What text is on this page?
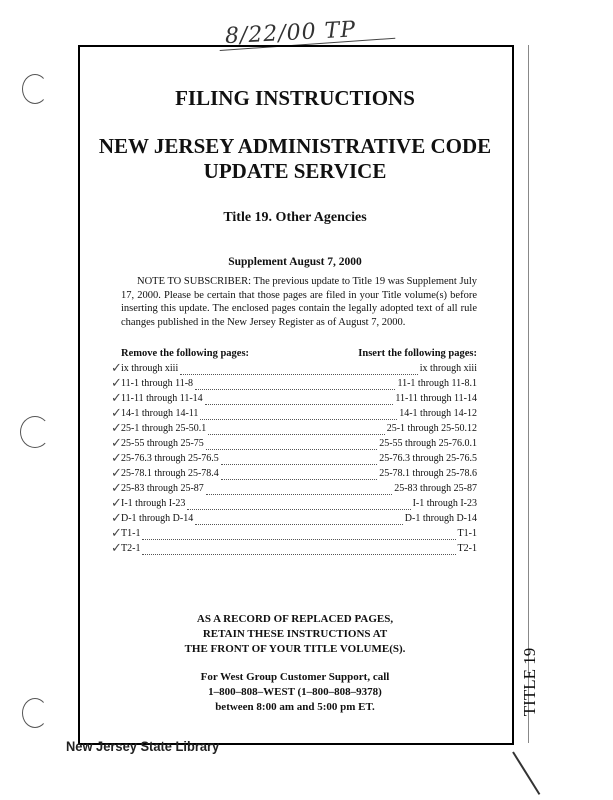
8/22/00 TP
TITLE 19
FILING INSTRUCTIONS
NEW JERSEY ADMINISTRATIVE CODE
UPDATE SERVICE
Title 19. Other Agencies
Supplement August 7, 2000

NOTE TO SUBSCRIBER: The previous update to Title 19 was Supplement July 17, 2000. Please be certain that those pages are filed in your Title volume(s) before inserting this update. The enclosed pages contain the legally adopted text of all rule changes published in the New Jersey Register as of August 7, 2000.

Remove the following pages:	Insert the following pages:
✓ ix through xiii	ix through xiii
✓ 11-1 through 11-8	11-1 through 11-8.1
✓ 11-11 through 11-14	11-11 through 11-14
✓ 14-1 through 14-11	14-1 through 14-12
✓ 25-1 through 25-50.1	25-1 through 25-50.12
✓ 25-55 through 25-75	25-55 through 25-76.0.1
✓ 25-76.3 through 25-76.5	25-76.3 through 25-76.5
✓ 25-78.1 through 25-78.4	25-78.1 through 25-78.6
✓ 25-83 through 25-87	25-83 through 25-87
✓ I-1 through I-23	I-1 through I-23
✓ D-1 through D-14	D-1 through D-14
✓ T1-1	T1-1
✓ T2-1	T2-1
AS A RECORD OF REPLACED PAGES,
RETAIN THESE INSTRUCTIONS AT
THE FRONT OF YOUR TITLE VOLUME(S).
For West Group Customer Support, call
1–800–808–WEST (1–800–808–9378)
between 8:00 am and 5:00 pm ET.
New Jersey State Library
